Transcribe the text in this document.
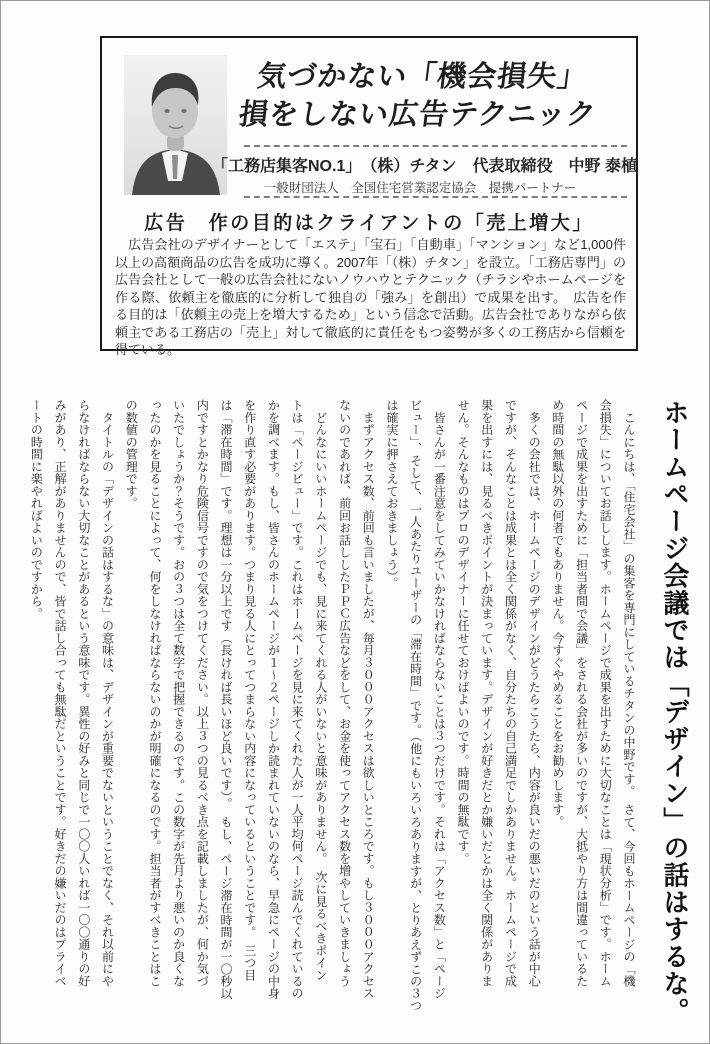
気づかない「機会損失」
損をしない広告テクニック
「工務店集客NO.1」　（株）チタン　代表取締役　中野 泰植
一般財団法人　全国住宅営業認定協会　提携パートナー
広告　作の目的はクライアントの「売上増大」
　広告会社のデザイナーとして「エステ」「宝石」「自動車」「マンション」など1,000件以上の高額商品の広告を成功に導く。2007年「（株）チタン」を設立。「工務店専門」の広告会社として一般の広告会社にないノウハウとテクニック（チラシやホームページを作る際、依頼主を徹底的に分析して独自の「強み」を創出）で成果を出す。　広告を作る目的は「依頼主の売上を増大するため」という信念で活動。広告会社でありながら依頼主である工務店の「売上」対して徹底的に責任をもつ姿勢が多くの工務店から信頼を得ている。
ホームページ会議では「デザイン」の話はするな。
　こんにちは、「住宅会社」の集客を専門にしているチタンの中野です。　さて、今回もホームページの「機
会損失」についてお話しします。ホームページで成果を出すために大切なことは「現状分析」です。ホーム
ページで成果を出すために「担当者間で会議」をされる会社が多いのですが、大抵やり方は間違っているた
め時間の無駄以外の何者でもありません。今すぐやめることをお勧めします。
　多くの会社では、ホームページのデザインがどうたらこうたら、内容が良いだの悪いだのという話が中心
ですが、そんなことは成果とは全く関係がなく、自分たちの自己満足でしかありません。ホームページで成
果を出すには、見るべきポイントが決まっています。デザインが好きだとか嫌いだとかは全く関係がありま
せん。そんなものはプロのデザイナーに任せておけばよいのです。時間の無駄です。
　皆さんが一番注意をしてみていかなければならないことは３つだけです。それは「アクセス数」と「ページ
ビュー」、そして、一人あたりユーザーの「滞在時間」です。（他にもいろいろありますが、とりあえずこの３つ
は確実に押さえておきましょう）。
　まずアクセス数、前回も言いましたが、毎月３０００アクセスは欲しいところです。もし３０００アクセス
ないのであれば、前回お話ししたＰＰＣ広告などをして、お金を使ってアクセス数を増やしていきましょう
　どんなにいいホームページでも、見に来てくれる人がいないと意味がありません。　次に見るべきポイン
トは「ページビュー」です。これはホームページを見に来てくれた人が一人平均何ページ読んでくれているの
かを調べます。もし、皆さんのホームページが１〜２ページしか読まれていないのなら、早急にページの中身
を作り直す必要があります。つまり見る人にとってつまらない内容になっているということです。　三つ目
は「滞在時間」です。理想は一分以上です（長ければ長いほど良いです）。　もし、ページ滞在時間が一〇秒以
内ですとかなり危険信号ですので気をつけてください。以上３つの見るべき点を記載しましたが、何か気づ
いたでしょうか？そうです。おの３つは全て数字で把握できるのです。この数字が先月より悪いのか良くな
ったのかを見ることによって、何をしなければならないのかが明確になるのです。担当者がすべきことはこ
の数値の管理です。
　タイトルの「デザインの話はするな」の意味は、デザインが重要でないということでなく、それ以前にや
らなければならない大切なことがあるという意味です。異性の好みと同じで一〇〇人いれば一〇〇通りの好
みがあり、正解がありませんので、皆で話し合っても無駄だということです。好きだの嫌いだのはプライベ
ートの時間に楽やればよいのですから。
